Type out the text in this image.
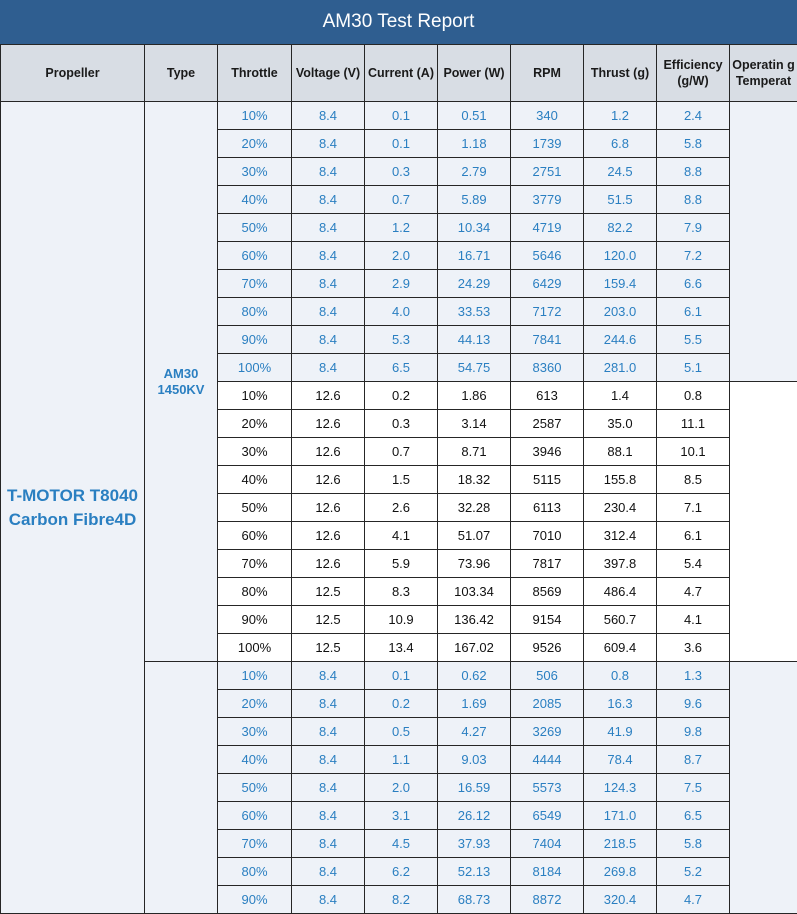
AM30 Test Report
Propeller	Type	Throttle	Voltage (V)	Current (A)	Power (W)	RPM	Thrust (g)	Efficiency (g/W)	Operatin g Temperat
T-MOTOR T8040 Carbon Fibre4D	AM30 1450KV	10%	8.4	0.1	0.51	340	1.2	2.4	
		20%	8.4	0.1	1.18	1739	6.8	5.8	
		30%	8.4	0.3	2.79	2751	24.5	8.8	
		40%	8.4	0.7	5.89	3779	51.5	8.8	
		50%	8.4	1.2	10.34	4719	82.2	7.9	
		60%	8.4	2.0	16.71	5646	120.0	7.2	
		70%	8.4	2.9	24.29	6429	159.4	6.6	
		80%	8.4	4.0	33.53	7172	203.0	6.1	
		90%	8.4	5.3	44.13	7841	244.6	5.5	
		100%	8.4	6.5	54.75	8360	281.0	5.1	
		10%	12.6	0.2	1.86	613	1.4	0.8	
		20%	12.6	0.3	3.14	2587	35.0	11.1	
		30%	12.6	0.7	8.71	3946	88.1	10.1	
		40%	12.6	1.5	18.32	5115	155.8	8.5	
		50%	12.6	2.6	32.28	6113	230.4	7.1	
		60%	12.6	4.1	51.07	7010	312.4	6.1	
		70%	12.6	5.9	73.96	7817	397.8	5.4	
		80%	12.5	8.3	103.34	8569	486.4	4.7	
		90%	12.5	10.9	136.42	9154	560.7	4.1	
		100%	12.5	13.4	167.02	9526	609.4	3.6	
		10%	8.4	0.1	0.62	506	0.8	1.3	
		20%	8.4	0.2	1.69	2085	16.3	9.6	
		30%	8.4	0.5	4.27	3269	41.9	9.8	
		40%	8.4	1.1	9.03	4444	78.4	8.7	
		50%	8.4	2.0	16.59	5573	124.3	7.5	
		60%	8.4	3.1	26.12	6549	171.0	6.5	
		70%	8.4	4.5	37.93	7404	218.5	5.8	
		80%	8.4	6.2	52.13	8184	269.8	5.2	
		90%	8.4	8.2	68.73	8872	320.4	4.7	
